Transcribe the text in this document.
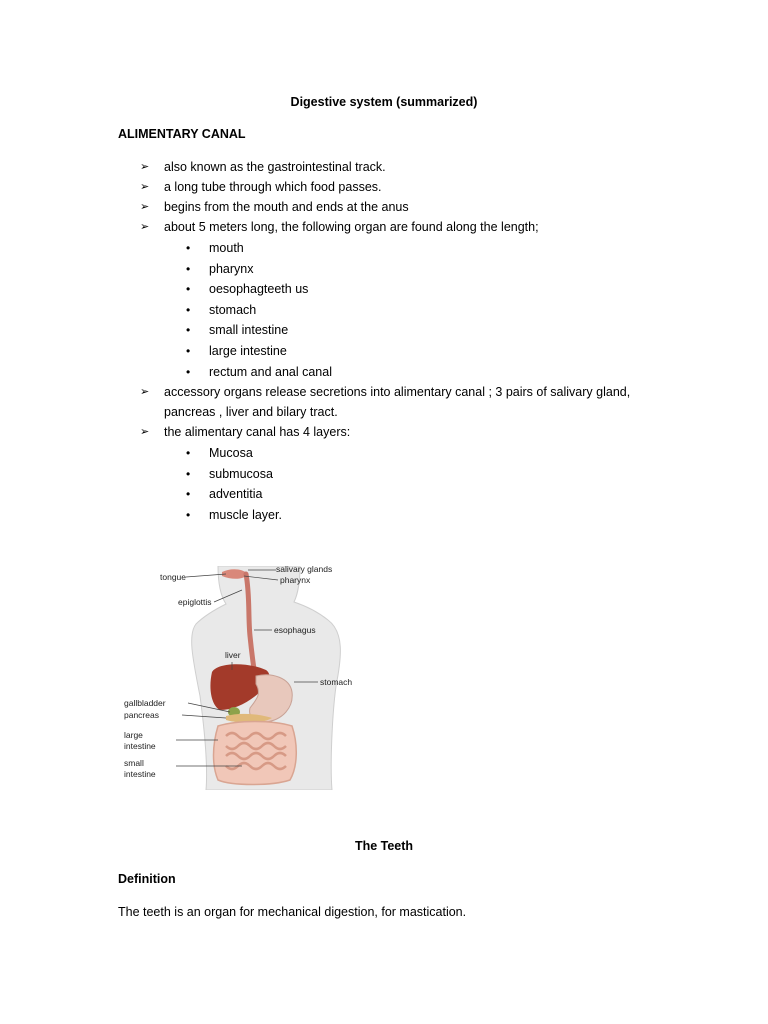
Digestive system (summarized)
ALIMENTARY CANAL
➢ also known as the gastrointestinal track.
➢ a long tube through which food passes.
➢ begins from the mouth and ends at the anus
➢ about 5 meters long, the following organ are found along the length;
• mouth
• pharynx
• oesophagteeth us
• stomach
• small intestine
• large intestine
• rectum and anal canal
➢ accessory organs release secretions into alimentary canal ; 3 pairs of salivary gland,
pancreas , liver and bilary tract.
➢ the alimentary canal has 4 layers:
• Mucosa
• submucosa
• adventitia
• muscle layer.
salivary glands
tongue	pharynx
epiglottis
esophagus
liver
stomach
gallbladder
pancreas
large
intestine
small
intestine
The Teeth
Definition
The teeth is an organ for mechanical digestion, for mastication.
